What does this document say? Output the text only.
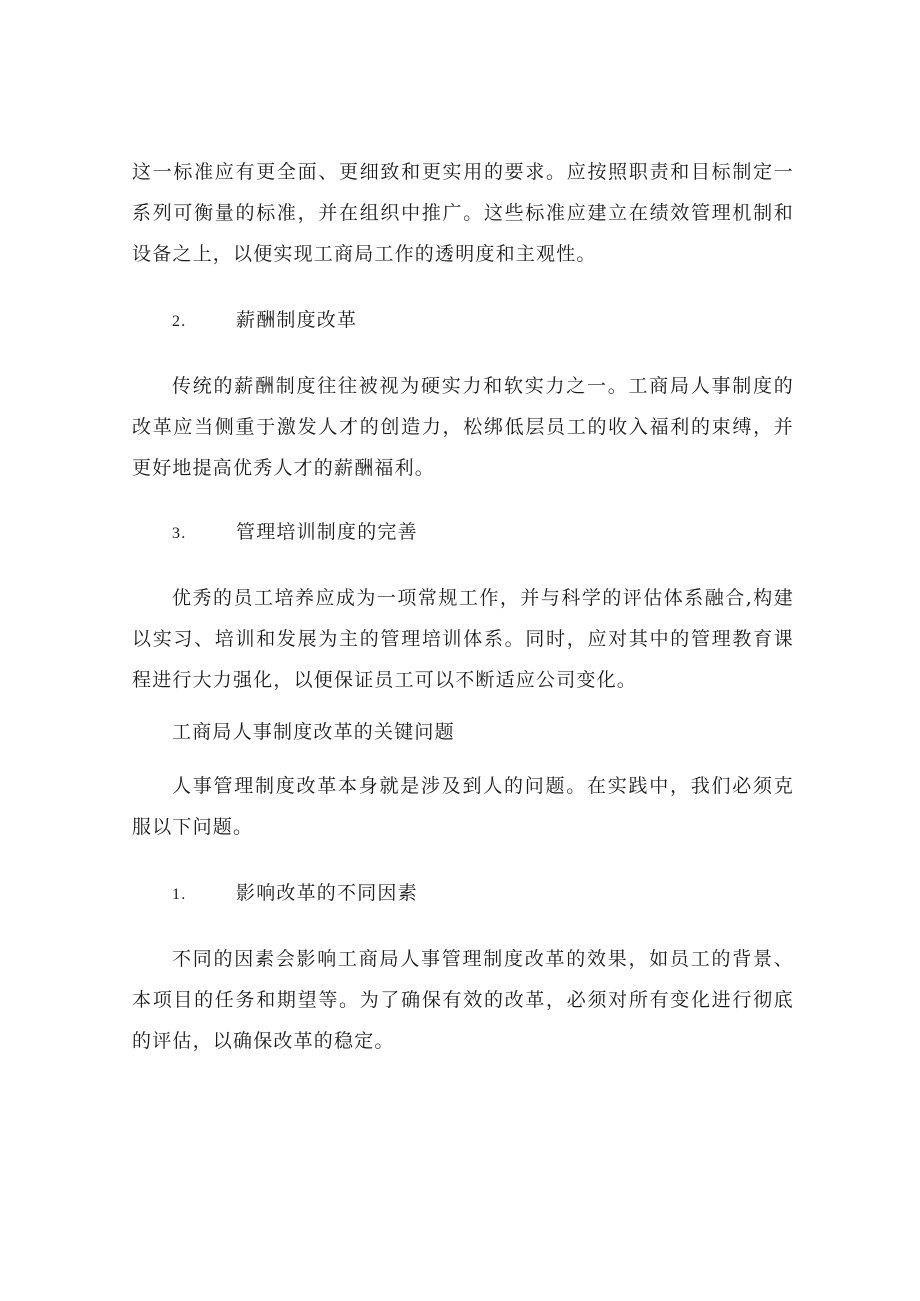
这一标准应有更全面、更细致和更实用的要求。应按照职责和目标制定一系列可衡量的标准，并在组织中推广。这些标准应建立在绩效管理机制和设备之上，以便实现工商局工作的透明度和主观性。

2.	薪酬制度改革

传统的薪酬制度往往被视为硬实力和软实力之一。工商局人事制度的改革应当侧重于激发人才的创造力，松绑低层员工的收入福利的束缚，并更好地提高优秀人才的薪酬福利。

3.	管理培训制度的完善

优秀的员工培养应成为一项常规工作，并与科学的评估体系融合,构建以实习、培训和发展为主的管理培训体系。同时，应对其中的管理教育课程进行大力强化，以便保证员工可以不断适应公司变化。

工商局人事制度改革的关键问题

人事管理制度改革本身就是涉及到人的问题。在实践中，我们必须克服以下问题。

1.	影响改革的不同因素

不同的因素会影响工商局人事管理制度改革的效果，如员工的背景、本项目的任务和期望等。为了确保有效的改革，必须对所有变化进行彻底的评估，以确保改革的稳定。
